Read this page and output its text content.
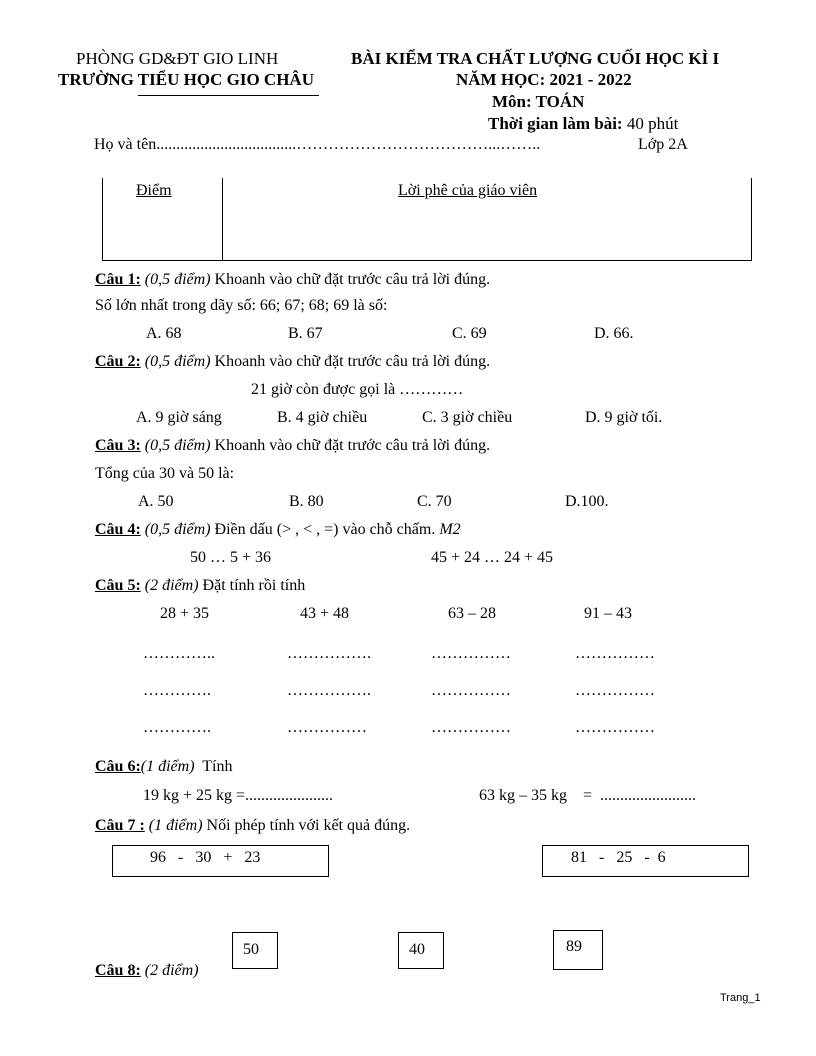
PHÒNG GD&ĐT GIO LINH
TRƯỜNG TIỂU HỌC GIO CHÂU
BÀI KIỂM TRA CHẤT LƯỢNG CUỐI HỌC KÌ I
NĂM HỌC: 2021 - 2022
Môn: TOÁN
Thời gian làm bài: 40 phút
Họ và tên...................................………………………………...……..	Lớp 2A
Điểm	Lời phê của giáo viên
Câu 1: (0,5 điểm) Khoanh vào chữ đặt trước câu trả lời đúng.
Số lớn nhất trong dãy số: 66; 67; 68; 69 là số:
A. 68	B. 67	C. 69	D. 66.
Câu 2: (0,5 điểm) Khoanh vào chữ đặt trước câu trả lời đúng.
21 giờ còn được gọi là …………
A. 9 giờ sáng	B. 4 giờ chiều	C. 3 giờ chiều	D. 9 giờ tối.
Câu 3: (0,5 điểm) Khoanh vào chữ đặt trước câu trả lời đúng.
Tổng của 30 và 50 là:
A. 50	B. 80	C. 70	D.100.
Câu 4: (0,5 điểm) Điền dấu (> , < , =) vào chỗ chấm. M2
50 … 5 + 36	45 + 24 … 24 + 45
Câu 5: (2 điểm) Đặt tính rồi tính
28 + 35	43 + 48	63 – 28	91 – 43
…………..	…………….	……………	……………
………….	…………….	……………	……………
………….	……………	……………	……………
Câu 6:(1 điểm) Tính
19 kg + 25 kg =......................	63 kg – 35 kg = ........................
Câu 7 : (1 điểm) Nối phép tính với kết quả đúng.
96   -   30   +   23	81   -   25   -  6
50	40	89
Câu 8: (2 điểm)
Trang_1
